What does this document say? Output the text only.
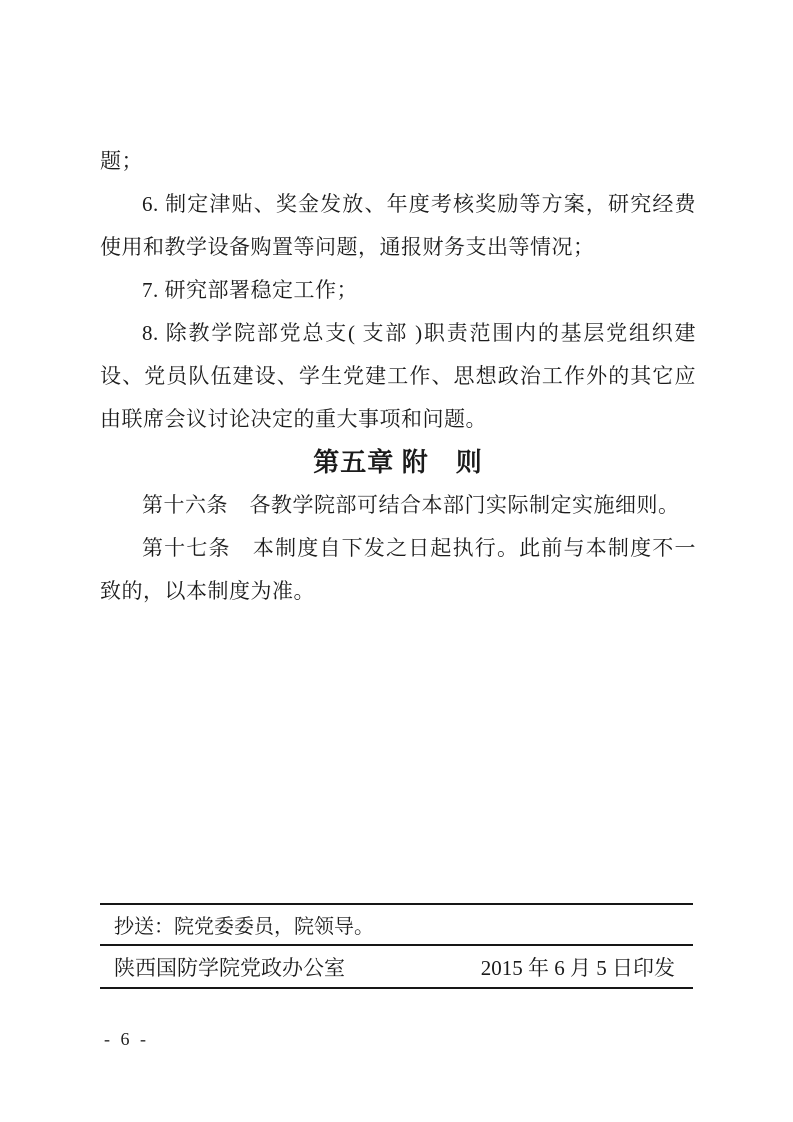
题；

6. 制定津贴、奖金发放、年度考核奖励等方案，研究经费使用和教学设备购置等问题，通报财务支出等情况；

7. 研究部署稳定工作；

8. 除教学院部党总支( 支部 )职责范围内的基层党组织建设、党员队伍建设、学生党建工作、思想政治工作外的其它应由联席会议讨论决定的重大事项和问题。

第五章 附　则

第十六条　各教学院部可结合本部门实际制定实施细则。

第十七条　本制度自下发之日起执行。此前与本制度不一致的，以本制度为准。

抄送：院党委委员，院领导。
陕西国防学院党政办公室	2015 年 6 月 5 日印发
- 6 -
